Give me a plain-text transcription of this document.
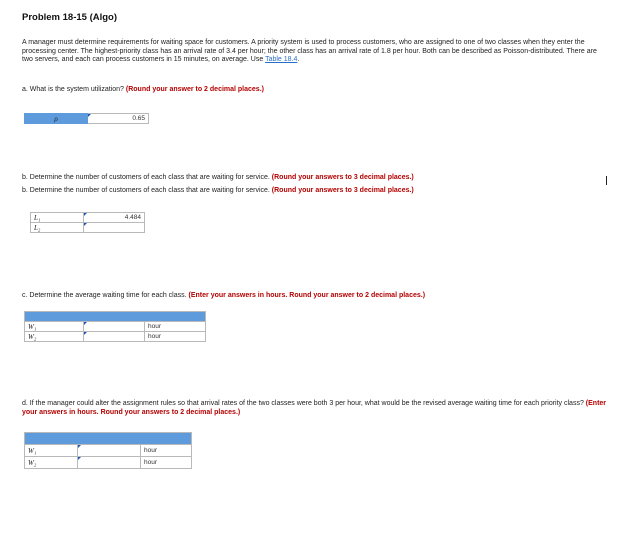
Problem 18-15 (Algo)
A manager must determine requirements for waiting space for customers. A priority system is used to process customers, who are assigned to one of two classes when they enter the processing center. The highest-priority class has an arrival rate of 3.4 per hour; the other class has an arrival rate of 1.8 per hour. Both can be described as Poisson-distributed. There are two servers, and each can process customers in 15 minutes, on average. Use Table 18.4.
a. What is the system utilization? (Round your answer to 2 decimal places.)
ρ	0.65
b. Determine the number of customers of each class that are waiting for service. (Round your answers to 3 decimal places.)
b. Determine the number of customers of each class that are waiting for service. (Round your answers to 3 decimal places.)
L₁	4.484
L₂	
c. Determine the average waiting time for each class. (Enter your answers in hours. Round your answer to 2 decimal places.)

W₁		hour
W₂		hour
d. If the manager could alter the assignment rules so that arrival rates of the two classes were both 3 per hour, what would be the revised average waiting time for each priority class? (Enter your answers in hours. Round your answers to 2 decimal places.)

W₁		hour
W₂		hour
